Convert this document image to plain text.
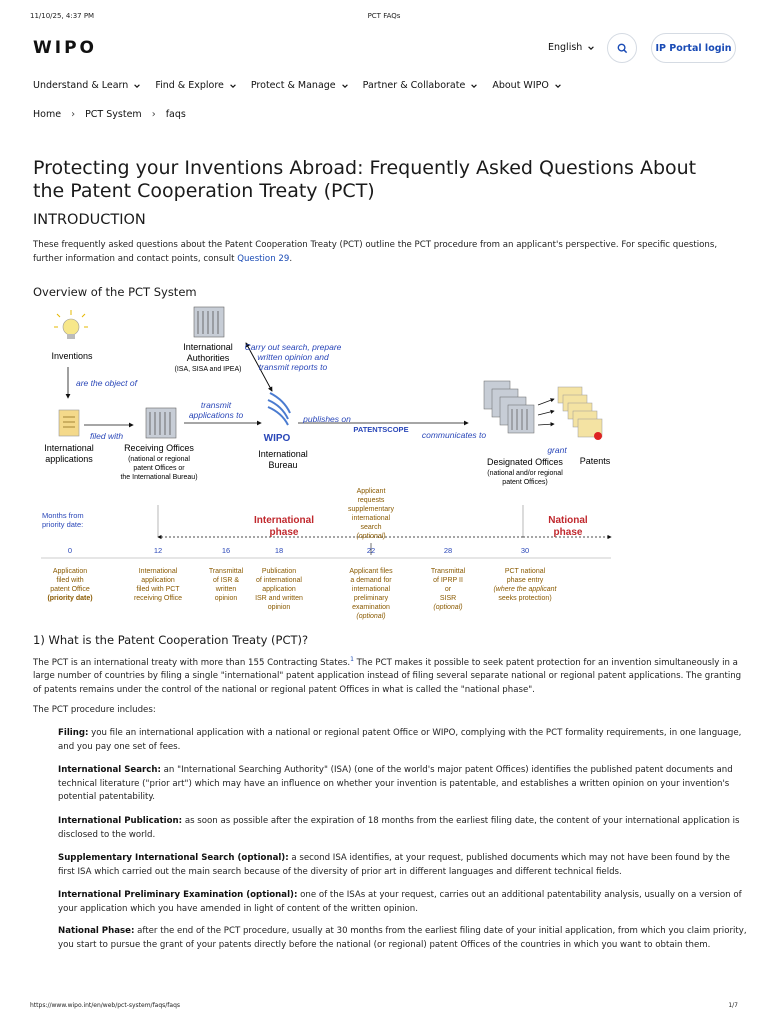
11/10/25, 4:37 PM	PCT FAQs
WIPO	English	IP Portal login
Understand & Learn	Find & Explore	Protect & Manage	Partner & Collaborate	About WIPO
Home › PCT System › faqs
Protecting your Inventions Abroad: Frequently Asked Questions About the Patent Cooperation Treaty (PCT)
INTRODUCTION

These frequently asked questions about the Patent Cooperation Treaty (PCT) outline the PCT procedure from an applicant's perspective. For specific questions, further information and contact points, consult Question 29.

Overview of the PCT System
Inventions
are the object of
International applications
filed with
Receiving Offices (national or regional patent Offices or the International Bureau)
transmit applications to
International Authorities (ISA, SISA and IPEA)
Carry out search, prepare written opinion and transmit reports to
WIPO
International Bureau
publishes on
PATENTSCOPE
communicates to
Designated Offices (national and/or regional patent Offices)
grant
Patents
Months from priority date:	International phase
National phase
Applicant requests supplementary international search (optional)
0	12	16	18	22	28	30
Application filed with patent Office (priority date)
International application filed with PCT receiving Office
Transmittal of ISR & written opinion
Publication of international application ISR and written opinion
Applicant files a demand for international preliminary examination (optional)
Transmittal of IPRP II or SISR (optional)
PCT national phase entry (where the applicant seeks protection)
1) What is the Patent Cooperation Treaty (PCT)?

The PCT is an international treaty with more than 155 Contracting States.$^1$ The PCT makes it possible to seek patent protection for an invention simultaneously in a large number of countries by filing a single "international" patent application instead of filing several separate national or regional patent applications. The granting of patents remains under the control of the national or regional patent Offices in what is called the "national phase".

The PCT procedure includes:

Filing: you file an international application with a national or regional patent Office or WIPO, complying with the PCT formality requirements, in one language, and you pay one set of fees.

International Search: an "International Searching Authority" (ISA) (one of the world's major patent Offices) identifies the published patent documents and technical literature ("prior art") which may have an influence on whether your invention is patentable, and establishes a written opinion on your invention's potential patentability.

International Publication: as soon as possible after the expiration of 18 months from the earliest filing date, the content of your international application is disclosed to the world.

Supplementary International Search (optional): a second ISA identifies, at your request, published documents which may not have been found by the first ISA which carried out the main search because of the diversity of prior art in different languages and different technical fields.

International Preliminary Examination (optional): one of the ISAs at your request, carries out an additional patentability analysis, usually on a version of your application which you have amended in light of content of the written opinion.

National Phase: after the end of the PCT procedure, usually at 30 months from the earliest filing date of your initial application, from which you claim priority, you start to pursue the grant of your patents directly before the national (or regional) patent Offices of the countries in which you want to obtain them.

https://www.wipo.int/en/web/pct-system/faqs/faqs	1/7
